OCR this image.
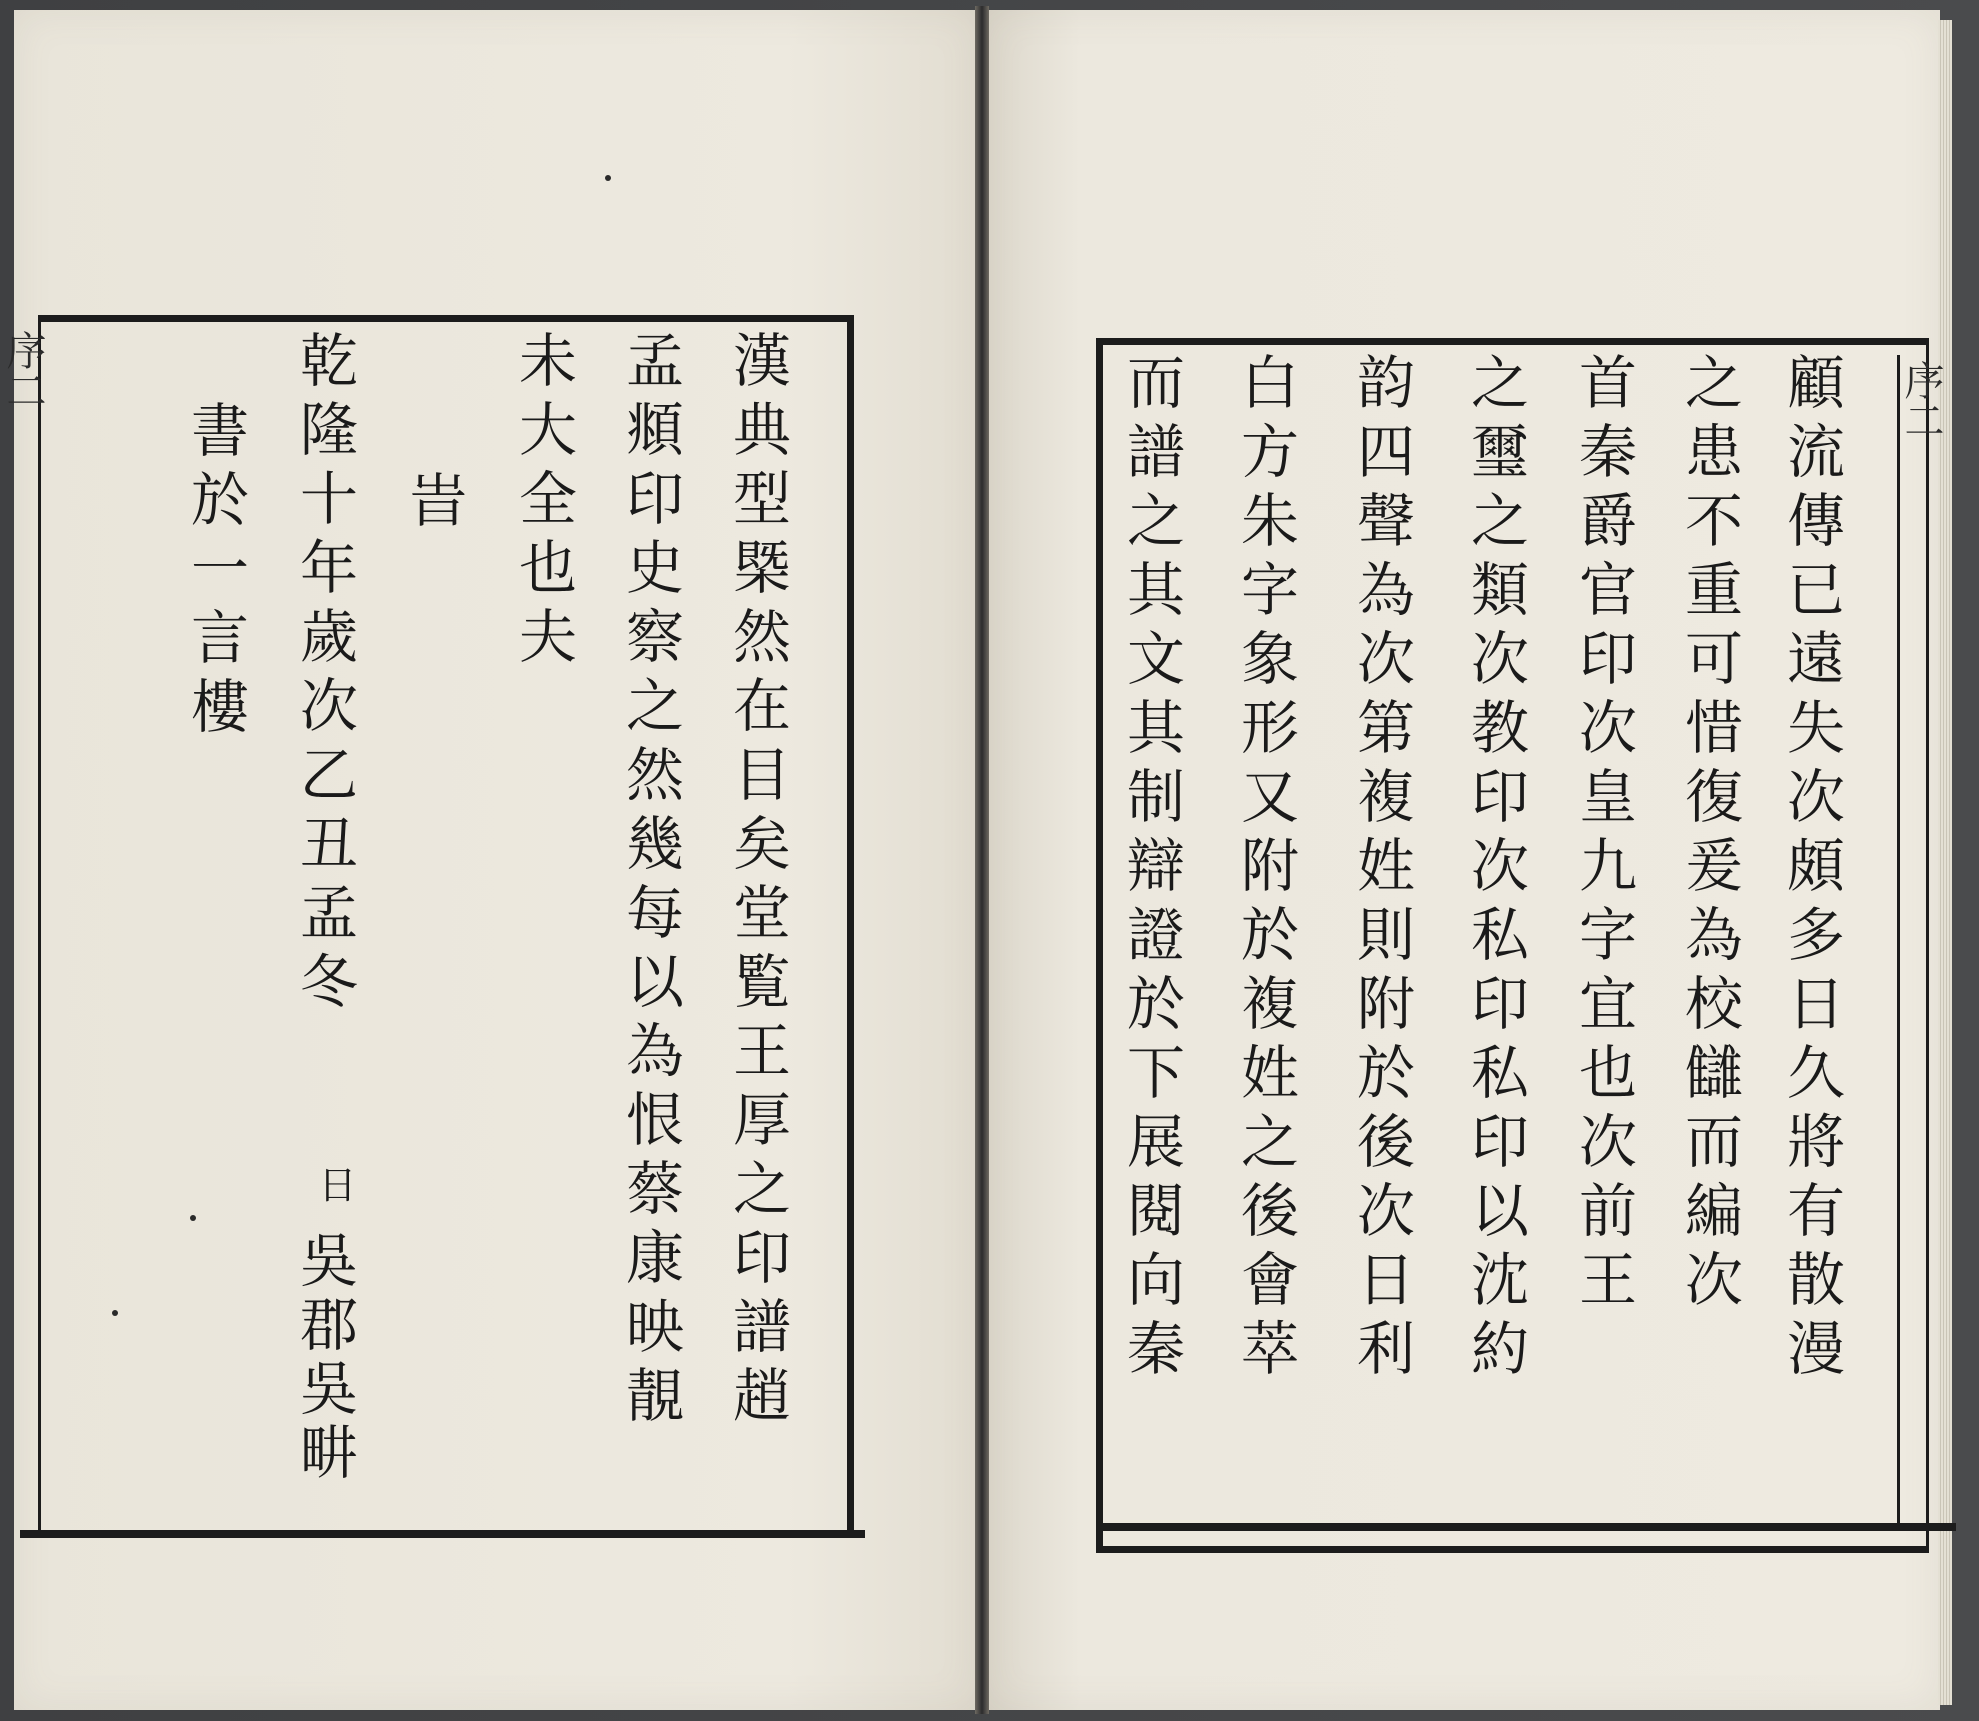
序二	漢典型槩然在目矣堂覧王厚之印譜趙
孟頫印史察之然幾每以為恨蔡康映靚
未大全也夫
旹
乾隆十年歲次乙丑孟冬
日
吳郡吳畊
書於一言樓	序二
顧流傳已遠失次頗多日久將有散漫
之患不重可惜復爰為校讎而編次
首秦爵官印次皇九字宜也次前王
之璽之類次教印次私印私印以沈約
韵四聲為次第複姓則附於後次日利
白方朱字象形又附於複姓之後會萃
而譜之其文其制辯證於下展閱向秦
